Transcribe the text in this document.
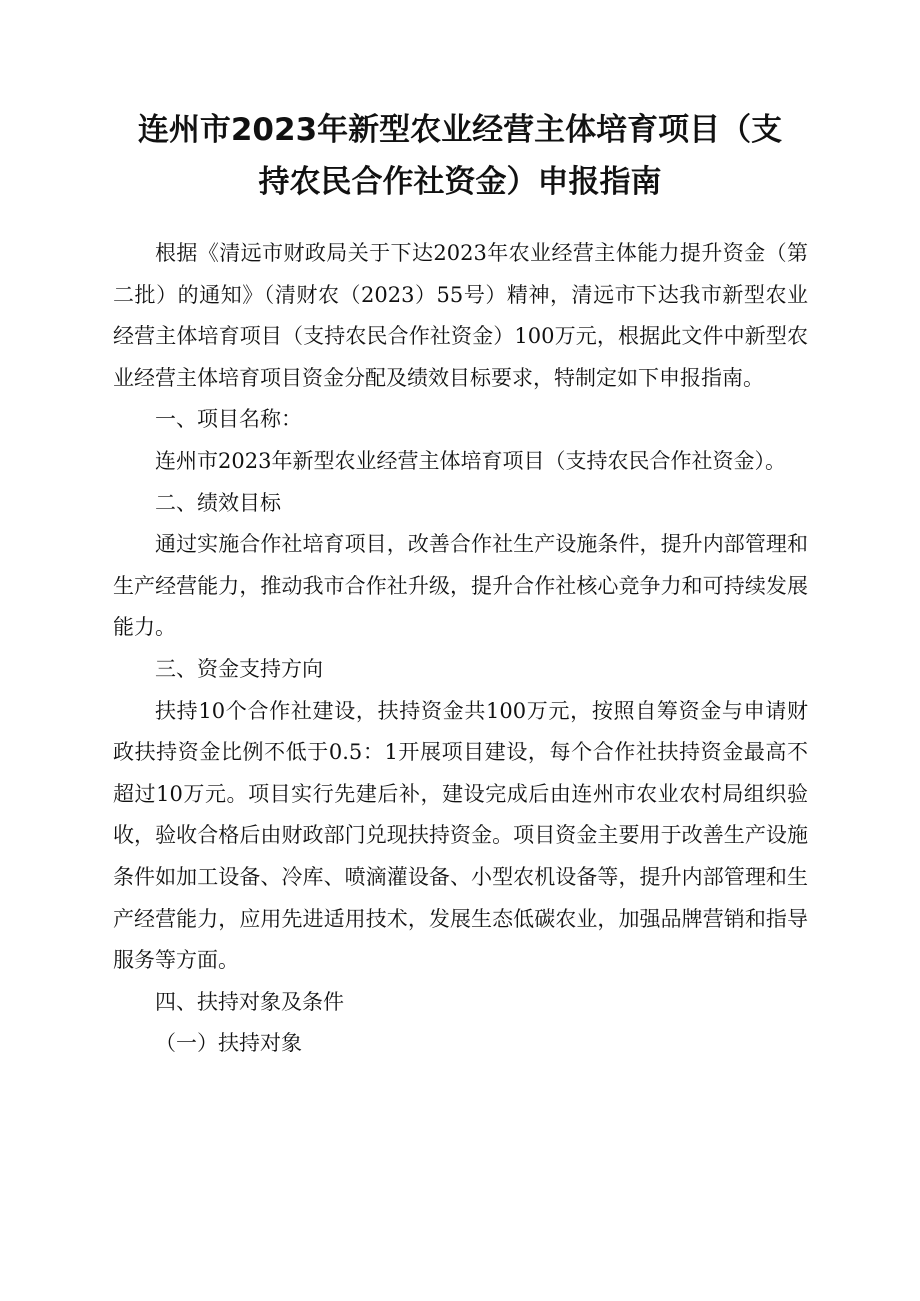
连州市2023年新型农业经营主体培育项目（支
持农民合作社资金）申报指南

根据《清远市财政局关于下达2023年农业经营主体能力提升资金（第二批）的通知》（清财农（2023）55号）精神，清远市下达我市新型农业经营主体培育项目（支持农民合作社资金）100万元，根据此文件中新型农业经营主体培育项目资金分配及绩效目标要求，特制定如下申报指南。

一、项目名称：

连州市2023年新型农业经营主体培育项目（支持农民合作社资金）。

二、绩效目标

通过实施合作社培育项目，改善合作社生产设施条件，提升内部管理和生产经营能力，推动我市合作社升级，提升合作社核心竞争力和可持续发展能力。

三、资金支持方向

扶持10个合作社建设，扶持资金共100万元，按照自筹资金与申请财政扶持资金比例不低于0.5：1开展项目建设，每个合作社扶持资金最高不超过10万元。项目实行先建后补，建设完成后由连州市农业农村局组织验收，验收合格后由财政部门兑现扶持资金。项目资金主要用于改善生产设施条件如加工设备、冷库、喷滴灌设备、小型农机设备等，提升内部管理和生产经营能力，应用先进适用技术，发展生态低碳农业，加强品牌营销和指导服务等方面。

四、扶持对象及条件

（一）扶持对象
